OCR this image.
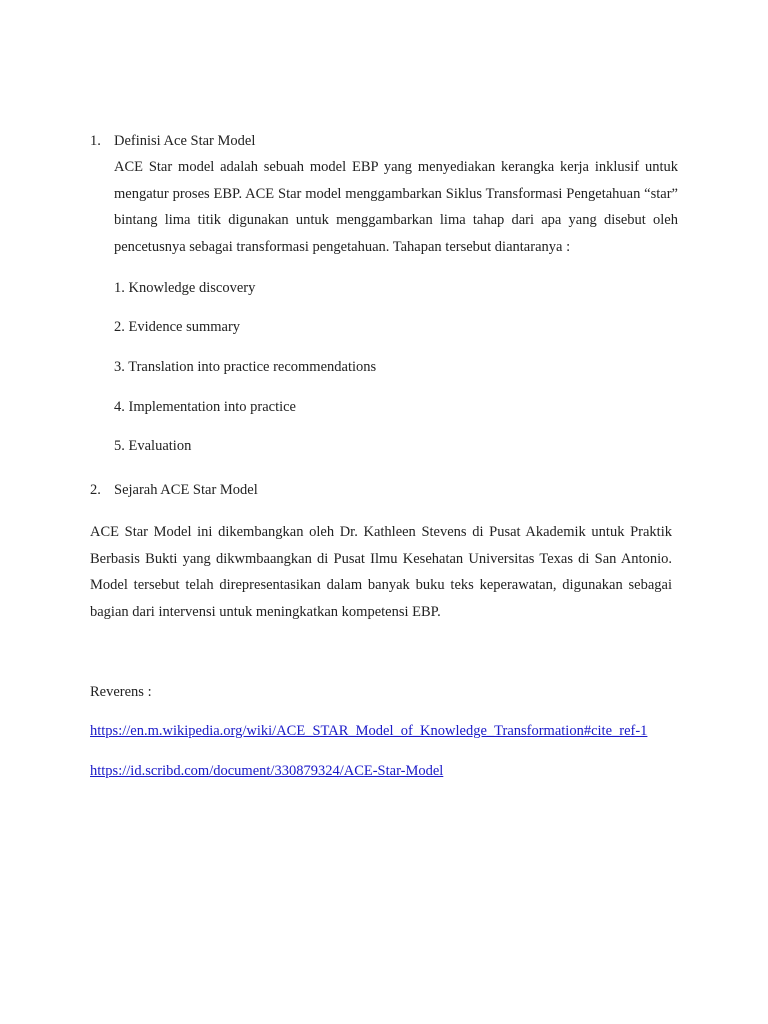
1. Definisi Ace Star Model

ACE Star model adalah sebuah model EBP yang menyediakan kerangka kerja inklusif untuk mengatur proses EBP. ACE Star model menggambarkan Siklus Transformasi Pengetahuan “star” bintang lima titik digunakan untuk menggambarkan lima tahap dari apa yang disebut oleh pencetusnya sebagai transformasi pengetahuan. Tahapan tersebut diantaranya :

1. Knowledge discovery
2. Evidence summary
3. Translation into practice recommendations
4. Implementation into practice
5. Evaluation
2. Sejarah ACE Star Model

ACE Star Model ini dikembangkan oleh Dr. Kathleen Stevens di Pusat Akademik untuk Praktik Berbasis Bukti yang dikwmbaangkan di Pusat Ilmu Kesehatan Universitas Texas di San Antonio. Model tersebut telah direpresentasikan dalam banyak buku teks keperawatan, digunakan sebagai bagian dari intervensi untuk meningkatkan kompetensi EBP.

Reverens :
https://en.m.wikipedia.org/wiki/ACE_STAR_Model_of_Knowledge_Transformation#cite_ref-1
https://id.scribd.com/document/330879324/ACE-Star-Model
